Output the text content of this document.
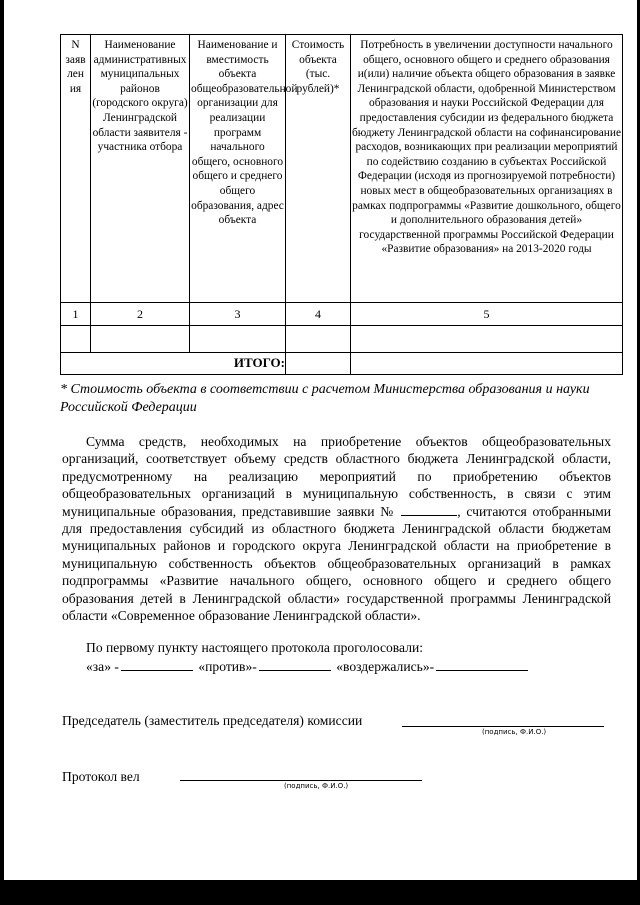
N заяв лен ия	Наименование административных муниципальных районов (городского округа) Ленинградской области заявителя - участника отбора	Наименование и вместимость объекта общеобразовательной организации для реализации программ начального общего, основного общего и среднего общего образования, адрес объекта	Стоимость объекта (тыс. рублей)*	Потребность в увеличении доступности начального общего, основного общего и среднего образования и(или) наличие объекта общего образования в заявке Ленинградской области, одобренной Министерством образования и науки Российской Федерации для предоставления субсидии из федерального бюджета бюджету Ленинградской области на софинансирование расходов, возникающих при реализации мероприятий по содействию созданию в субъектах Российской Федерации (исходя из прогнозируемой потребности) новых мест в общеобразовательных организациях в рамках подпрограммы «Развитие дошкольного, общего и дополнительного образования детей» государственной программы Российской Федерации «Развитие образования» на 2013-2020 годы
1	2	3	4	5

ИТОГО:				
* Стоимость объекта в соответствии с расчетом Министерства образования и науки Российской Федерации

Сумма средств, необходимых на приобретение объектов общеобразовательных организаций, соответствует объему средств областного бюджета Ленинградской области, предусмотренному на реализацию мероприятий по приобретению объектов общеобразовательных организаций в муниципальную собственность, в связи с этим муниципальные образования, представившие заявки №	, считаются отобранными для предоставления субсидий из областного бюджета Ленинградской области бюджетам муниципальных районов и городского округа Ленинградской области на приобретение в муниципальную собственность объектов общеобразовательных организаций в рамках подпрограммы «Развитие начального общего, основного общего и среднего общего образования детей в Ленинградской области» государственной программы Ленинградской области «Современное образование Ленинградской области».

По первому пункту настоящего протокола проголосовали:
«за» -	«против»-	«воздержались»-
Председатель (заместитель председателя) комиссии
(подпись, Ф.И.О.)
Протокол вел
(подпись, Ф.И.О.)
